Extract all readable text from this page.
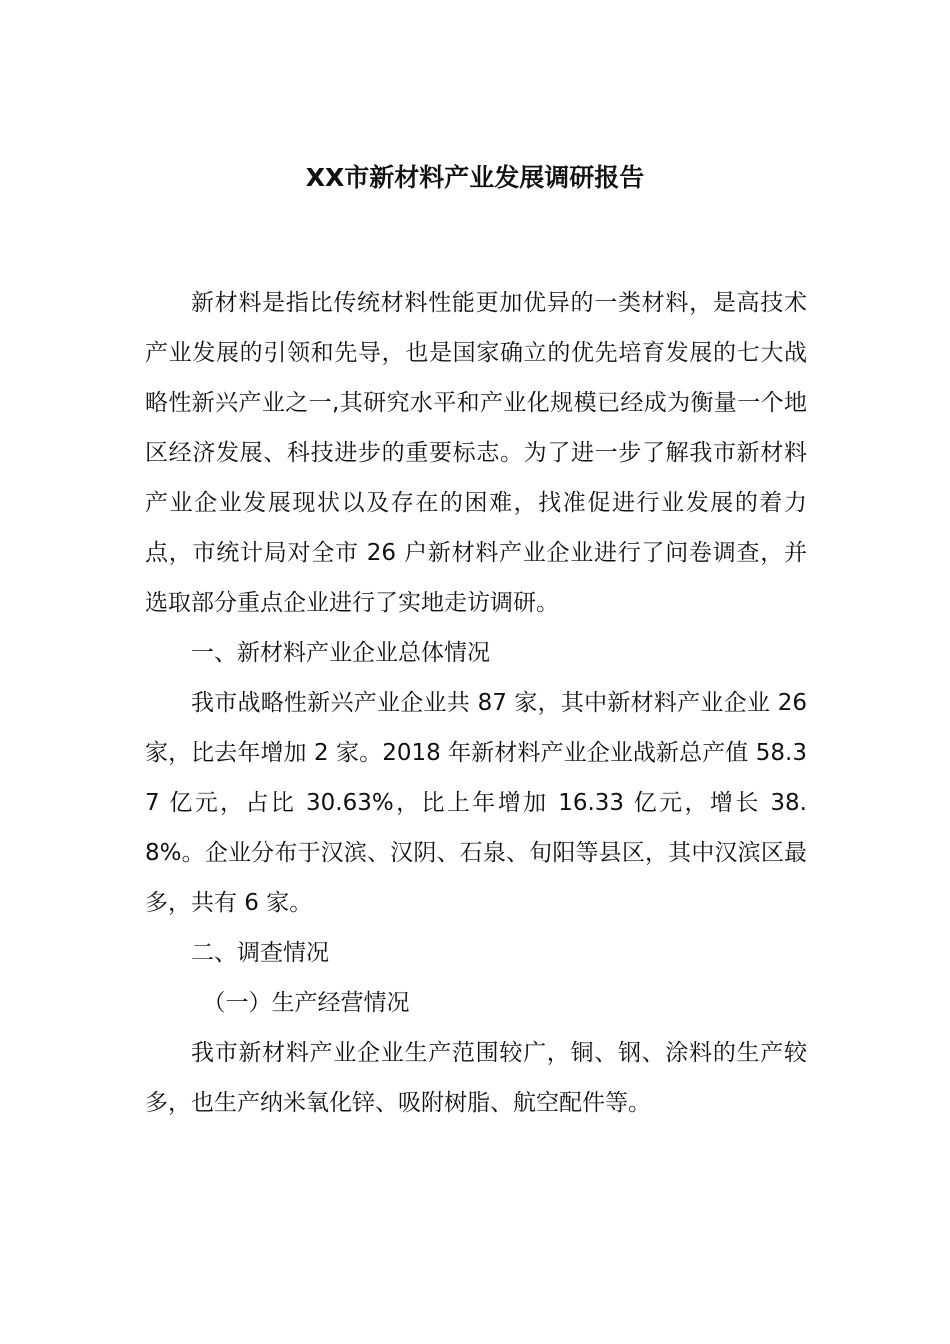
XX市新材料产业发展调研报告

新材料是指比传统材料性能更加优异的一类材料，是高技术产业发展的引领和先导，也是国家确立的优先培育发展的七大战略性新兴产业之一,其研究水平和产业化规模已经成为衡量一个地区经济发展、科技进步的重要标志。为了进一步了解我市新材料产业企业发展现状以及存在的困难，找准促进行业发展的着力点，市统计局对全市 26 户新材料产业企业进行了问卷调查，并选取部分重点企业进行了实地走访调研。

一、新材料产业企业总体情况

我市战略性新兴产业企业共 87 家，其中新材料产业企业 26 家，比去年增加 2 家。2018 年新材料产业企业战新总产值 58.37 亿元，占比 30.63%，比上年增加 16.33 亿元，增长 38.8%。企业分布于汉滨、汉阴、石泉、旬阳等县区，其中汉滨区最多，共有 6 家。

二、调查情况

（一）生产经营情况

我市新材料产业企业生产范围较广，铜、钢、涂料的生产较多，也生产纳米氧化锌、吸附树脂、航空配件等。
